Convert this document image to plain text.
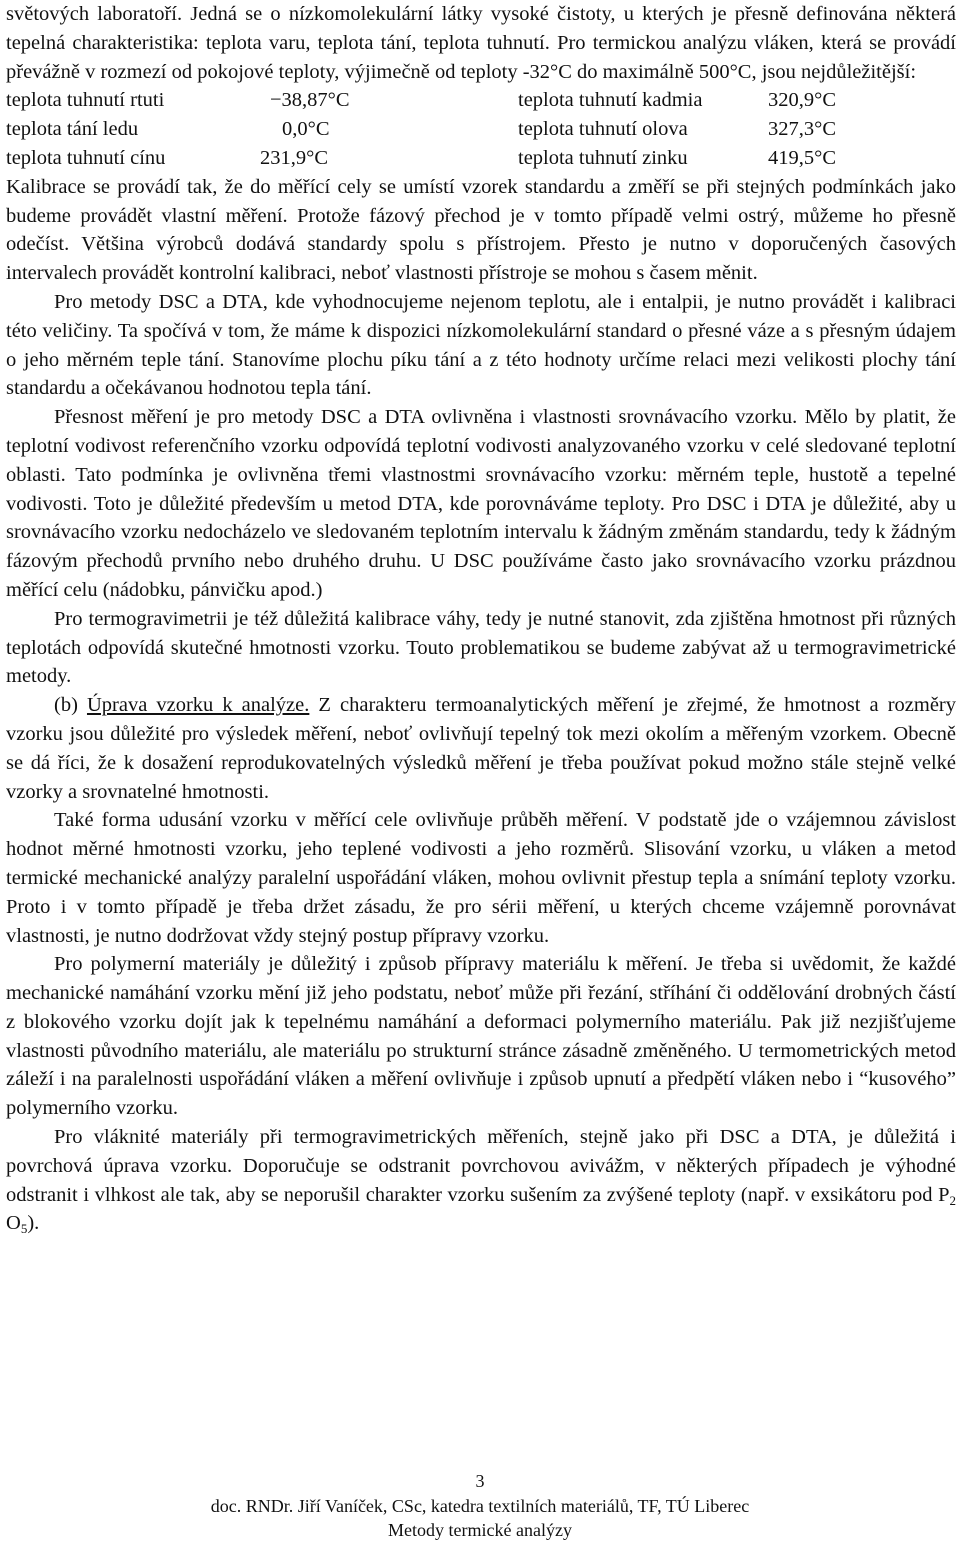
světových laboratoří. Jedná se o nízkomolekulární látky vysoké čistoty, u kterých je přesně definována některá tepelná charakteristika: teplota varu, teplota tání, teplota tuhnutí. Pro termickou analýzu vláken, která se provádí převážně v rozmezí od pokojové teploty, výjimečně od teploty -32°C do maximálně 500°C, jsou nejdůležitější:

teplota tuhnutí rtuti	−38,87°C	teplota tuhnutí kadmia	320,9°C
teplota tání ledu	0,0°C	teplota tuhnutí olova	327,3°C
teplota tuhnutí cínu	231,9°C	teplota tuhnutí zinku	419,5°C

Kalibrace se provádí tak, že do měřící cely se umístí vzorek standardu a změří se při stejných podmínkách jako budeme provádět vlastní měření. Protože fázový přechod je v tomto případě velmi ostrý, můžeme ho přesně odečíst. Většina výrobců dodává standardy spolu s přístrojem. Přesto je nutno v doporučených časových intervalech provádět kontrolní kalibraci, neboť vlastnosti přístroje se mohou s časem měnit.

Pro metody DSC a DTA, kde vyhodnocujeme nejenom teplotu, ale i entalpii, je nutno provádět i kalibraci této veličiny. Ta spočívá v tom, že máme k dispozici nízkomolekulární standard o přesné váze a s přesným údajem o jeho měrném teple tání. Stanovíme plochu píku tání a z této hodnoty určíme relaci mezi velikosti plochy tání standardu a očekávanou hodnotou tepla tání.

Přesnost měření je pro metody DSC a DTA ovlivněna i vlastnosti srovnávacího vzorku. Mělo by platit, že teplotní vodivost referenčního vzorku odpovídá teplotní vodivosti analyzovaného vzorku v celé sledované teplotní oblasti. Tato podmínka je ovlivněna třemi vlastnostmi srovnávacího vzorku: měrném teple, hustotě a tepelné vodivosti. Toto je důležité především u metod DTA, kde porovnáváme teploty. Pro DSC i DTA je důležité, aby u srovnávacího vzorku nedocházelo ve sledovaném teplotním intervalu k žádným změnám standardu, tedy k žádným fázovým přechodů prvního nebo druhého druhu. U DSC používáme často jako srovnávacího vzorku prázdnou měřící celu (nádobku, pánvičku apod.)

Pro termogravimetrii je též důležitá kalibrace váhy, tedy je nutné stanovit, zda zjištěna hmotnost při různých teplotách odpovídá skutečné hmotnosti vzorku. Touto problematikou se budeme zabývat až u termogravimetrické metody.

(b) Úprava vzorku k analýze. Z charakteru termoanalytických měření je zřejmé, že hmotnost a rozměry vzorku jsou důležité pro výsledek měření, neboť ovlivňují tepelný tok mezi okolím a měřeným vzorkem. Obecně se dá říci, že k dosažení reprodukovatelných výsledků měření je třeba používat pokud možno stále stejně velké vzorky a srovnatelné hmotnosti.

Také forma udusání vzorku v měřící cele ovlivňuje průběh měření. V podstatě jde o vzájemnou závislost hodnot měrné hmotnosti vzorku, jeho teplené vodivosti a jeho rozměrů. Slisování vzorku, u vláken a metod termické mechanické analýzy paralelní uspořádání vláken, mohou ovlivnit přestup tepla a snímání teploty vzorku. Proto i v tomto případě je třeba držet zásadu, že pro sérii měření, u kterých chceme vzájemně porovnávat vlastnosti, je nutno dodržovat vždy stejný postup přípravy vzorku.

Pro polymerní materiály je důležitý i způsob přípravy materiálu k měření. Je třeba si uvědomit, že každé mechanické namáhání vzorku mění již jeho podstatu, neboť může při řezání, stříhání či oddělování drobných částí z blokového vzorku dojít jak k tepelnému namáhání a deformaci polymerního materiálu. Pak již nezjišťujeme vlastnosti původního materiálu, ale materiálu po strukturní stránce zásadně změněného. U termometrických metod záleží i na paralelnosti uspořádání vláken a měření ovlivňuje i způsob upnutí a předpětí vláken nebo i “kusového” polymerního vzorku.

Pro vláknité materiály při termogravimetrických měřeních, stejně jako při DSC a DTA, je důležitá i povrchová úprava vzorku. Doporučuje se odstranit povrchovou avivážm, v některých případech je výhodné odstranit i vlhkost ale tak, aby se neporušil charakter vzorku sušením za zvýšené teploty (např. v exsikátoru pod $P_2$ $O_5$).

3
doc. RNDr. Jiří Vaníček, CSc, katedra textilních materiálů, TF, TÚ Liberec
Metody termické analýzy
